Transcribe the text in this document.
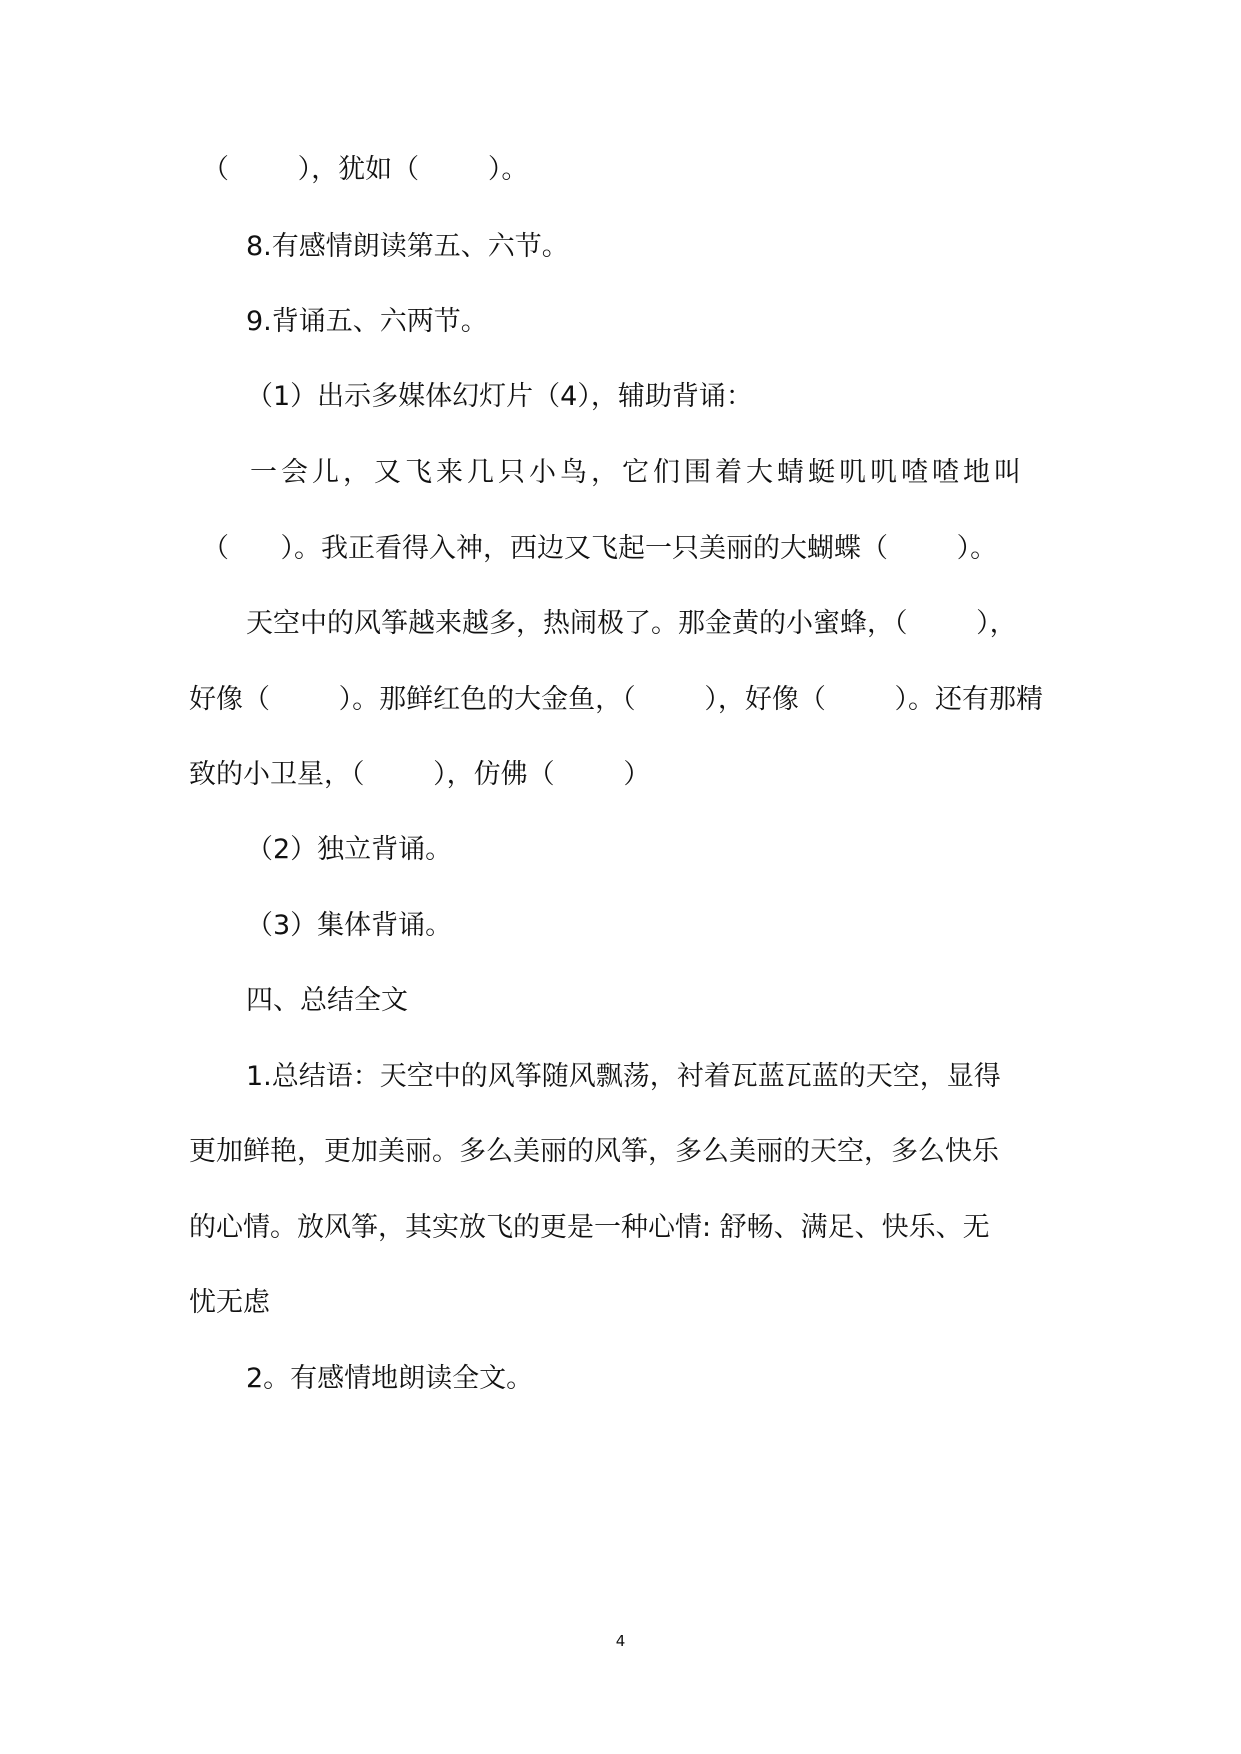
（        ），犹如（        ）。
8.有感情朗读第五、六节。
9.背诵五、六两节。
（1）出示多媒体幻灯片（4），辅助背诵：
一会儿，又飞来几只小鸟，它们围着大蜻蜓叽叽喳喳地叫
（      ）。我正看得入神，西边又飞起一只美丽的大蝴蝶（        ）。
天空中的风筝越来越多，热闹极了。那金黄的小蜜蜂，（        ），
好像（        ）。那鲜红色的大金鱼，（        ），好像（        ）。还有那精
致的小卫星，（        ），仿佛（        ）
（2）独立背诵。
（3）集体背诵。
四、总结全文
1.总结语：天空中的风筝随风飘荡，衬着瓦蓝瓦蓝的天空，显得
更加鲜艳，更加美丽。多么美丽的风筝，多么美丽的天空，多么快乐
的心情。放风筝，其实放飞的更是一种心情: 舒畅、满足、快乐、无
忧无虑
2。有感情地朗读全文。
4
